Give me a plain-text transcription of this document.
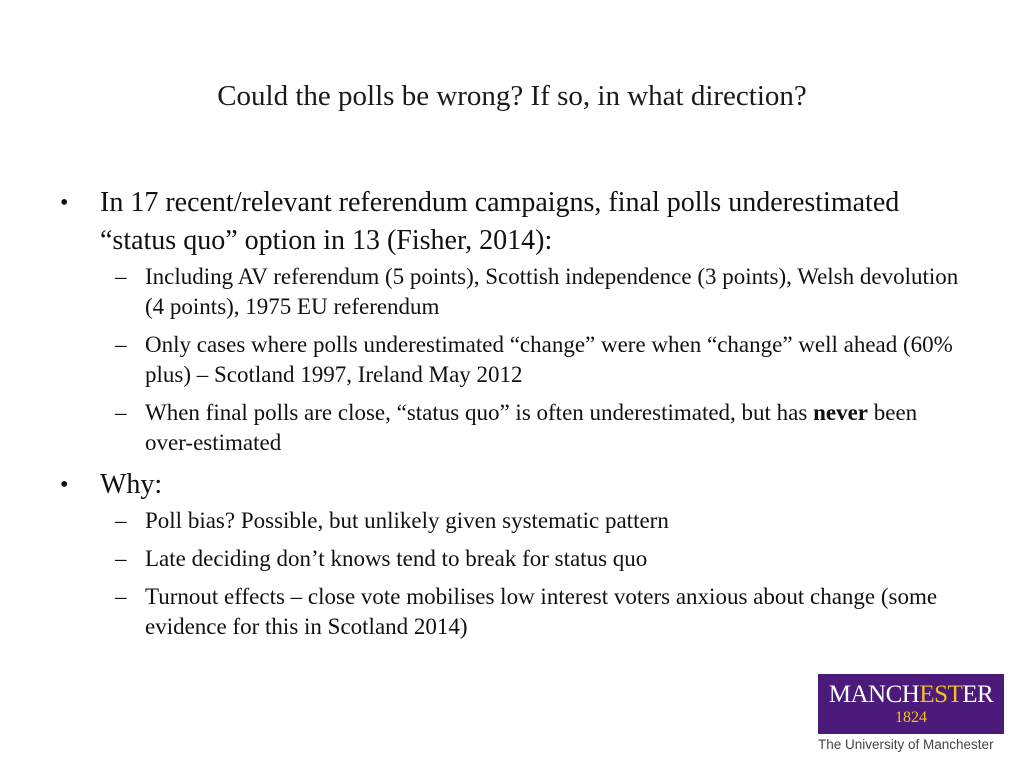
Could the polls be wrong? If so, in what direction?
•	In 17 recent/relevant referendum campaigns, final polls underestimated “status quo” option in 13 (Fisher, 2014):
– Including AV referendum (5 points), Scottish independence (3 points), Welsh devolution (4 points), 1975 EU referendum
– Only cases where polls underestimated “change” were when “change” well ahead (60% plus) – Scotland 1997, Ireland May 2012
– When final polls are close, “status quo” is often underestimated, but has never been over-estimated
•	Why:
– Poll bias? Possible, but unlikely given systematic pattern
– Late deciding don’t knows tend to break for status quo
– Turnout effects – close vote mobilises low interest voters anxious about change (some evidence for this in Scotland 2014)
MANCHESTER
1824
The University of Manchester
